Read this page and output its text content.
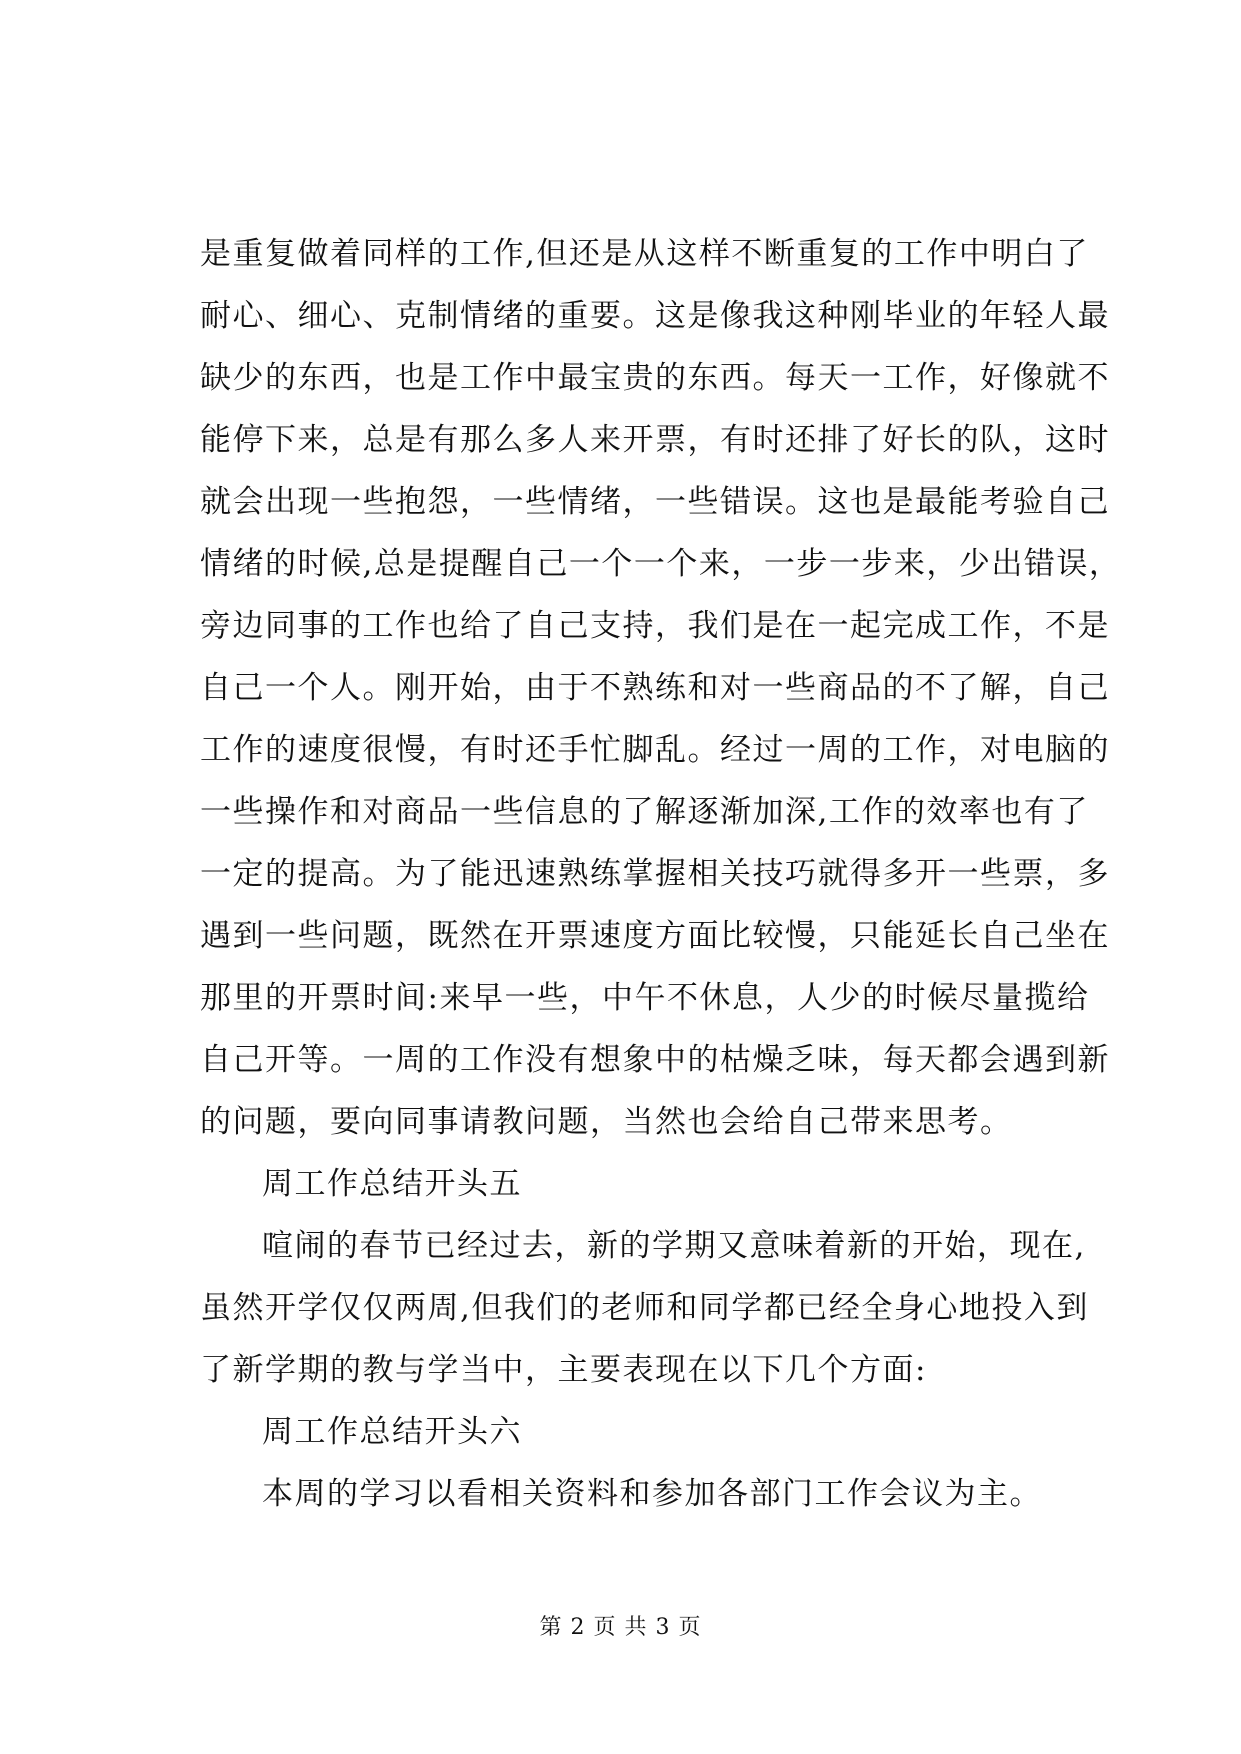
是重复做着同样的工作,但还是从这样不断重复的工作中明白了
耐心、细心、克制情绪的重要。这是像我这种刚毕业的年轻人最
缺少的东西，也是工作中最宝贵的东西。每天一工作，好像就不
能停下来，总是有那么多人来开票，有时还排了好长的队，这时
就会出现一些抱怨，一些情绪，一些错误。这也是最能考验自己
情绪的时候,总是提醒自己一个一个来，一步一步来，少出错误，
旁边同事的工作也给了自己支持，我们是在一起完成工作，不是
自己一个人。刚开始，由于不熟练和对一些商品的不了解，自己
工作的速度很慢，有时还手忙脚乱。经过一周的工作，对电脑的
一些操作和对商品一些信息的了解逐渐加深,工作的效率也有了
一定的提高。为了能迅速熟练掌握相关技巧就得多开一些票，多
遇到一些问题，既然在开票速度方面比较慢，只能延长自己坐在
那里的开票时间:来早一些，中午不休息，人少的时候尽量揽给
自己开等。一周的工作没有想象中的枯燥乏味，每天都会遇到新
的问题，要向同事请教问题，当然也会给自己带来思考。
周工作总结开头五
喧闹的春节已经过去，新的学期又意味着新的开始，现在,
虽然开学仅仅两周,但我们的老师和同学都已经全身心地投入到
了新学期的教与学当中，主要表现在以下几个方面:
周工作总结开头六
本周的学习以看相关资料和参加各部门工作会议为主。
第 2 页 共 3 页
